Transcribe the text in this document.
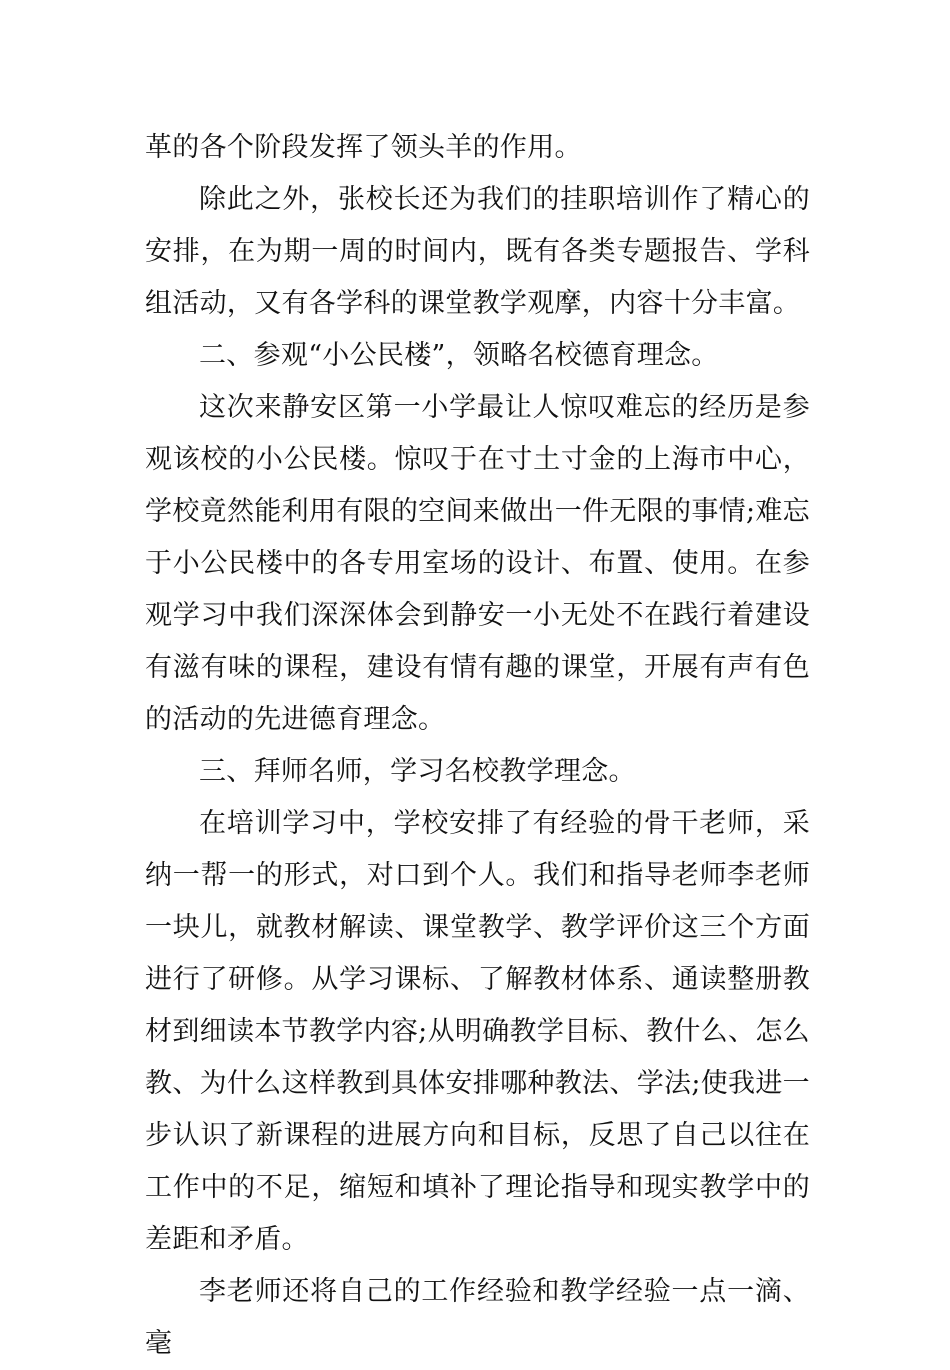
革的各个阶段发挥了领头羊的作用。

除此之外，张校长还为我们的挂职培训作了精心的安排，在为期一周的时间内，既有各类专题报告、学科组活动，又有各学科的课堂教学观摩，内容十分丰富。

二、参观“小公民楼”，领略名校德育理念。

这次来静安区第一小学最让人惊叹难忘的经历是参观该校的小公民楼。惊叹于在寸土寸金的上海市中心，学校竟然能利用有限的空间来做出一件无限的事情;难忘于小公民楼中的各专用室场的设计、布置、使用。在参观学习中我们深深体会到静安一小无处不在践行着建设有滋有味的课程，建设有情有趣的课堂，开展有声有色的活动的先进德育理念。

三、拜师名师，学习名校教学理念。

在培训学习中，学校安排了有经验的骨干老师，采纳一帮一的形式，对口到个人。我们和指导老师李老师一块儿，就教材解读、课堂教学、教学评价这三个方面进行了研修。从学习课标、了解教材体系、通读整册教材到细读本节教学内容;从明确教学目标、教什么、怎么教、为什么这样教到具体安排哪种教法、学法;使我进一步认识了新课程的进展方向和目标，反思了自己以往在工作中的不足，缩短和填补了理论指导和现实教学中的差距和矛盾。

李老师还将自己的工作经验和教学经验一点一滴、毫
